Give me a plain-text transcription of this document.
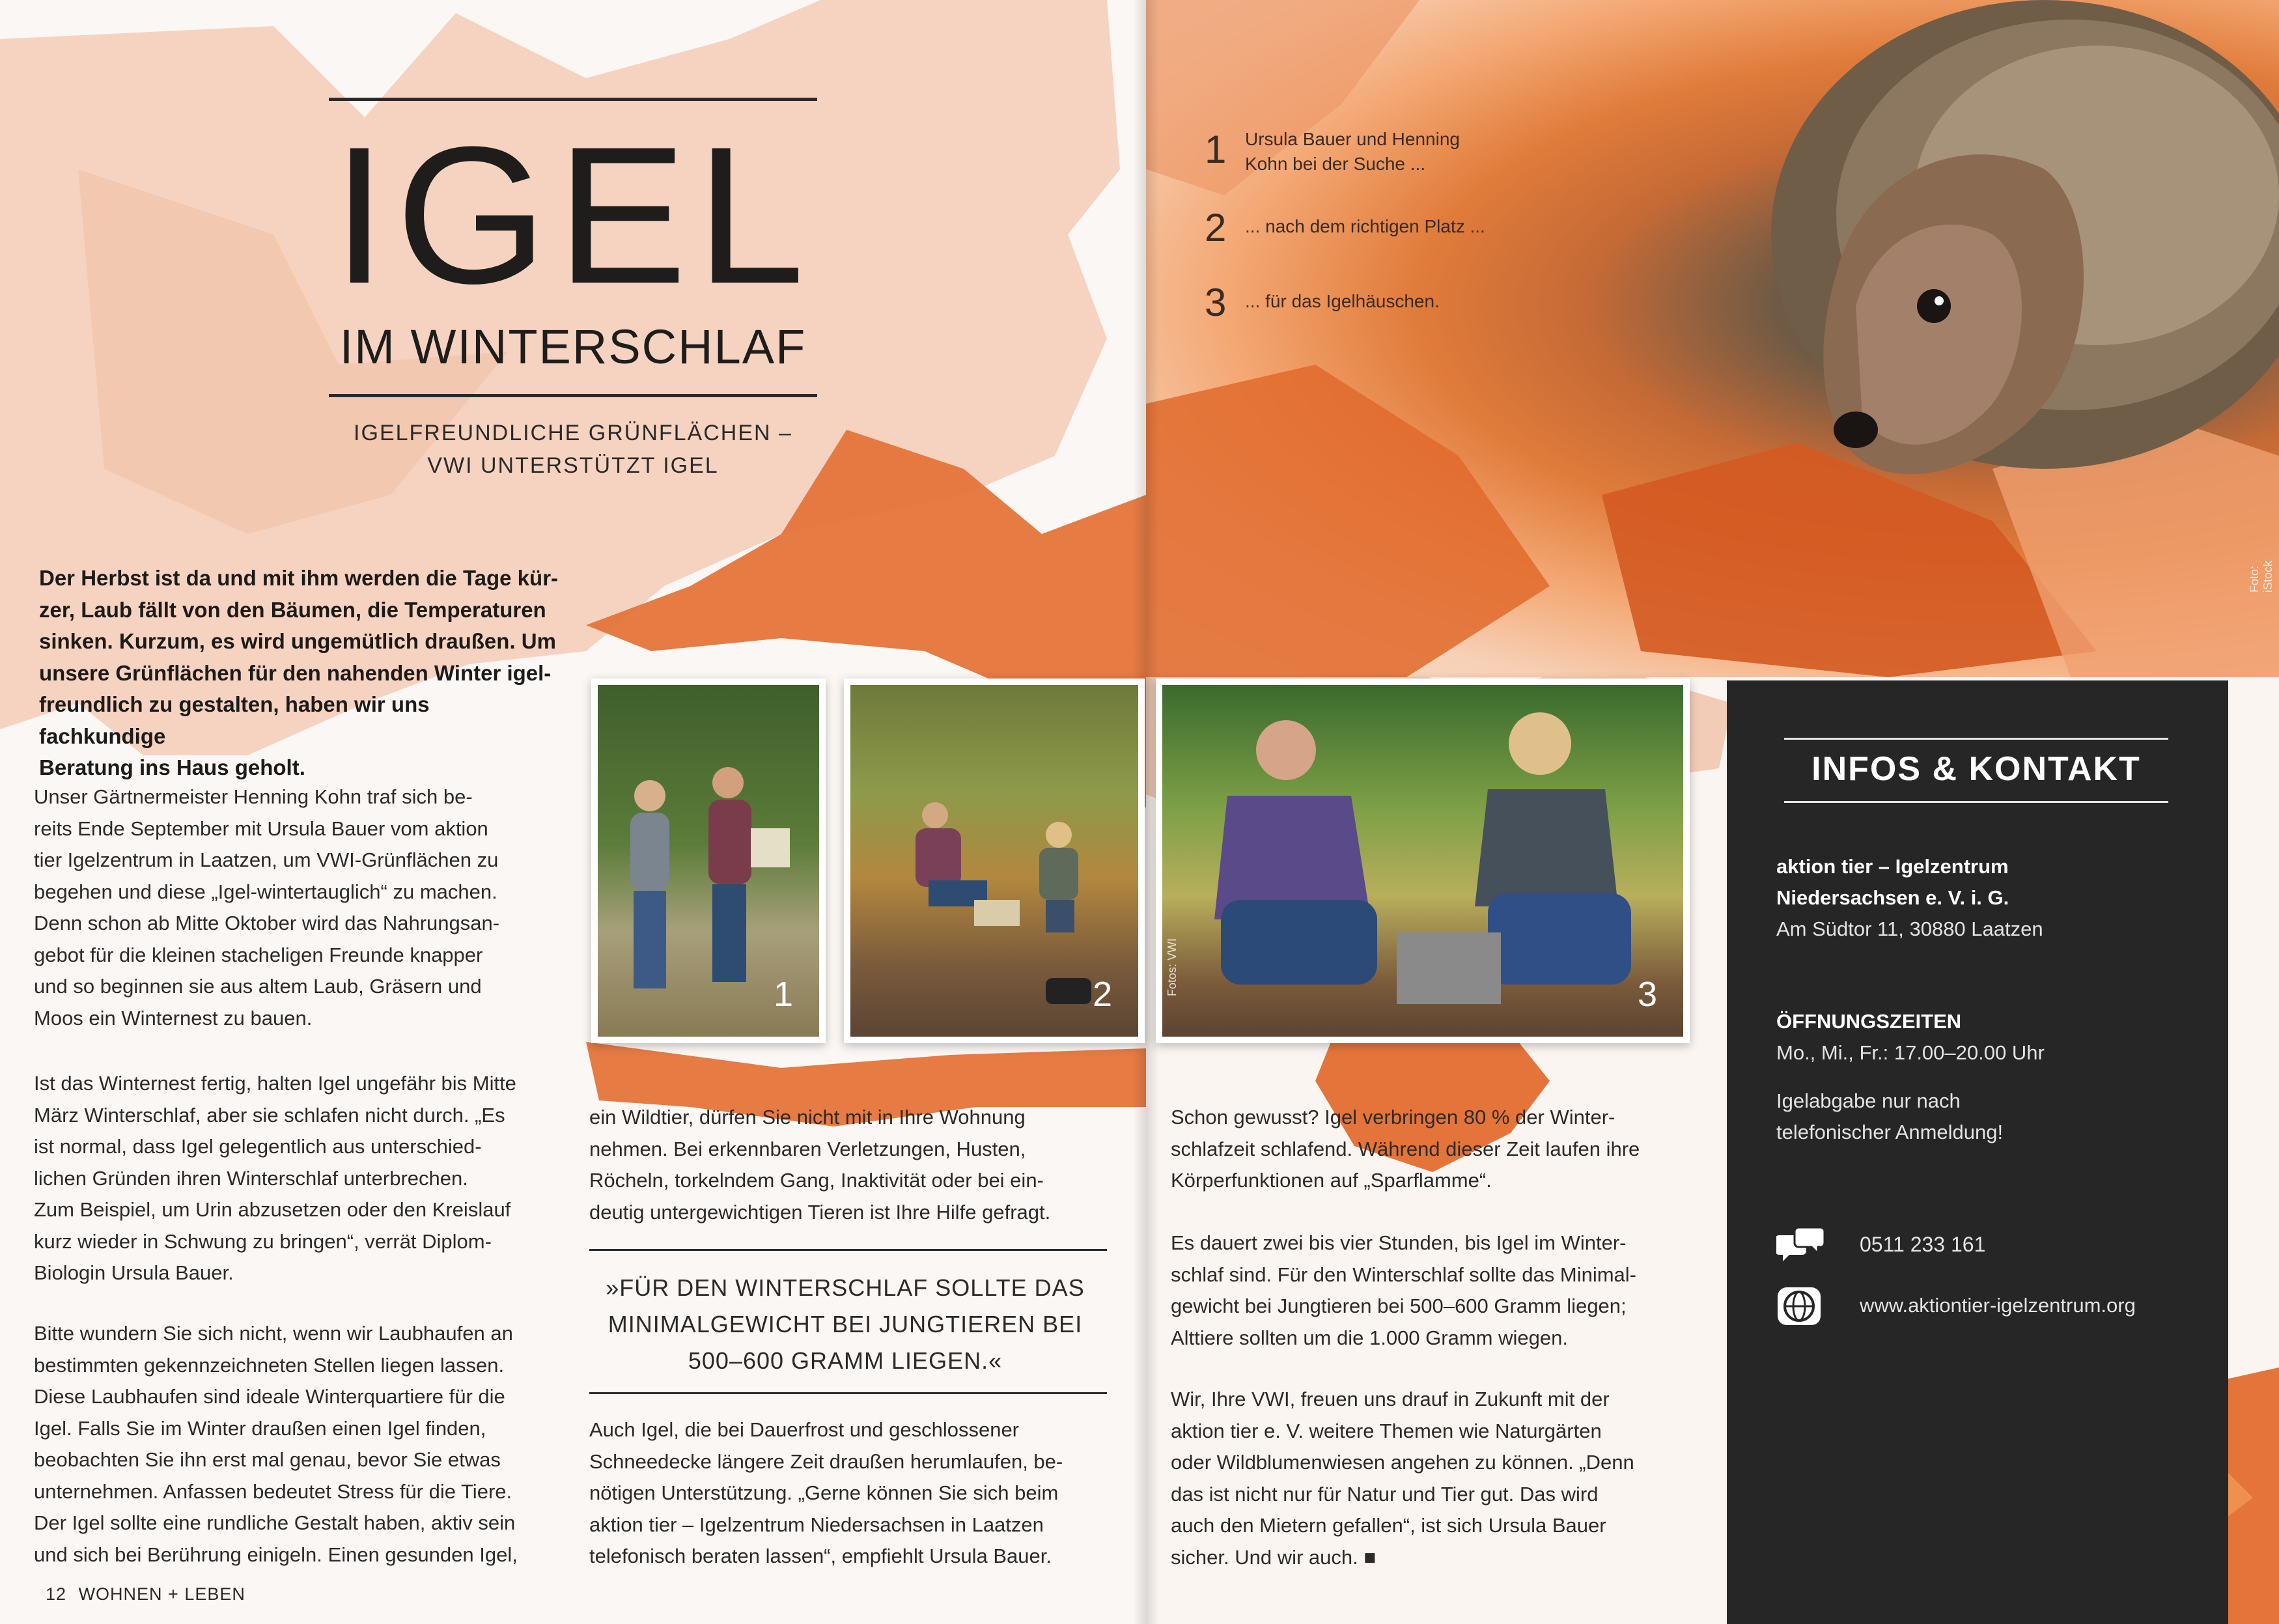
IGEL
IM WINTERSCHLAF
IGELFREUNDLICHE GRÜNFLÄCHEN –
VWI UNTERSTÜTZT IGEL
Der Herbst ist da und mit ihm werden die Tage kür-
zer, Laub fällt von den Bäumen, die Temperaturen
sinken. Kurzum, es wird ungemütlich draußen. Um
unsere Grünflächen für den nahenden Winter igel-
freundlich zu gestalten, haben wir uns fachkundige
Beratung ins Haus geholt.
Unser Gärtnermeister Henning Kohn traf sich be-
reits Ende September mit Ursula Bauer vom aktion
tier Igelzentrum in Laatzen, um VWI-Grünflächen zu
begehen und diese „Igel-wintertauglich“ zu machen.
Denn schon ab Mitte Oktober wird das Nahrungsan-
gebot für die kleinen stacheligen Freunde knapper
und so beginnen sie aus altem Laub, Gräsern und
Moos ein Winternest zu bauen.
Ist das Winternest fertig, halten Igel ungefähr bis Mitte
März Winterschlaf, aber sie schlafen nicht durch. „Es
ist normal, dass Igel gelegentlich aus unterschied-
lichen Gründen ihren Winterschlaf unterbrechen.
Zum Beispiel, um Urin abzusetzen oder den Kreislauf
kurz wieder in Schwung zu bringen“, verrät Diplom-
Biologin Ursula Bauer.
Bitte wundern Sie sich nicht, wenn wir Laubhaufen an
bestimmten gekennzeichneten Stellen liegen lassen.
Diese Laubhaufen sind ideale Winterquartiere für die
Igel. Falls Sie im Winter draußen einen Igel finden,
beobachten Sie ihn erst mal genau, bevor Sie etwas
unternehmen. Anfassen bedeutet Stress für die Tiere.
Der Igel sollte eine rundliche Gestalt haben, aktiv sein
und sich bei Berührung einigeln. Einen gesunden Igel,
1	2	3
Fotos: VWI
1 Ursula Bauer und Henning
Kohn bei der Suche ...
2 ... nach dem richtigen Platz ...
3 ... für das Igelhäuschen.
Foto: iStock
ein Wildtier, dürfen Sie nicht mit in Ihre Wohnung
nehmen. Bei erkennbaren Verletzungen, Husten,
Röcheln, torkelndem Gang, Inaktivität oder bei ein-
deutig untergewichtigen Tieren ist Ihre Hilfe gefragt.
»FÜR DEN WINTERSCHLAF SOLLTE DAS
MINIMALGEWICHT BEI JUNGTIEREN BEI
500–600 GRAMM LIEGEN.«
Auch Igel, die bei Dauerfrost und geschlossener
Schneedecke längere Zeit draußen herumlaufen, be-
nötigen Unterstützung. „Gerne können Sie sich beim
aktion tier – Igelzentrum Niedersachsen in Laatzen
telefonisch beraten lassen“, empfiehlt Ursula Bauer.
Schon gewusst? Igel verbringen 80 % der Winter-
schlafzeit schlafend. Während dieser Zeit laufen ihre
Körperfunktionen auf „Sparflamme“.
Es dauert zwei bis vier Stunden, bis Igel im Winter-
schlaf sind. Für den Winterschlaf sollte das Minimal-
gewicht bei Jungtieren bei 500–600 Gramm liegen;
Alttiere sollten um die 1.000 Gramm wiegen.
Wir, Ihre VWI, freuen uns drauf in Zukunft mit der
aktion tier e. V. weitere Themen wie Naturgärten
oder Wildblumenwiesen angehen zu können. „Denn
das ist nicht nur für Natur und Tier gut. Das wird
auch den Mietern gefallen“, ist sich Ursula Bauer
sicher. Und wir auch. ■
INFOS & KONTAKT
aktion tier – Igelzentrum
Niedersachsen e. V. i. G.
Am Südtor 11, 30880 Laatzen
ÖFFNUNGSZEITEN
Mo., Mi., Fr.: 17.00–20.00 Uhr
Igelabgabe nur nach
telefonischer Anmeldung!
0511 233 161
www.aktiontier-igelzentrum.org
12 WOHNEN + LEBEN
